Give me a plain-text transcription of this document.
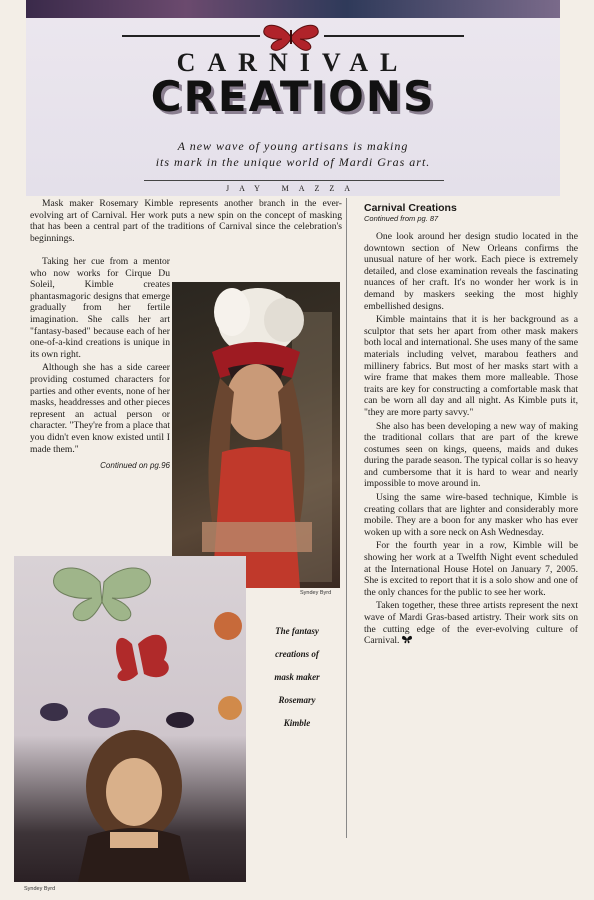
CARNIVAL
CREATIONS
A new wave of young artisans is making
its mark in the unique world of Mardi Gras art.
JAY MAZZA

Mask maker Rosemary Kimble represents another branch in the ever-evolving art of Carnival. Her work puts a new spin on the concept of masking that has been a central part of the traditions of Carnival since the celebration's beginnings.

Taking her cue from a mentor who now works for Cirque Du Soleil, Kimble creates phantasmagoric designs that emerge gradually from her fertile imagination. She calls her art "fantasy-based" because each of her one-of-a-kind creations is unique in its own right.

Although she has a side career providing costumed characters for parties and other events, none of her masks, headdresses and other pieces represent an actual person or character. "They're from a place that you didn't even know existed until I made them."

Continued on pg.96
Syndey Byrd
Syndey Byrd
The fantasy
creations of
mask maker
Rosemary
Kimble
Carnival Creations
Continued from pg. 87

One look around her design studio located in the downtown section of New Orleans confirms the unusual nature of her work. Each piece is extremely detailed, and close examination reveals the fascinating nuances of her craft. It's no wonder her work is in demand by maskers seeking the most highly embellished designs.

Kimble maintains that it is her background as a sculptor that sets her apart from other mask makers both local and international. She uses many of the same materials including velvet, marabou feathers and millinery fabrics. But most of her masks start with a wire frame that makes them more malleable. Those traits are key for constructing a comfortable mask that can be worn all day and all night. As Kimble puts it, "they are more party savvy."

She also has been developing a new way of making the traditional collars that are part of the krewe costumes seen on kings, queens, maids and dukes during the parade season. The typical collar is so heavy and cumbersome that it is hard to wear and nearly impossible to move around in.

Using the same wire-based technique, Kimble is creating collars that are lighter and considerably more mobile. They are a boon for any masker who has ever woken up with a sore neck on Ash Wednesday.

For the fourth year in a row, Kimble will be showing her work at a Twelfth Night event scheduled at the International House Hotel on January 7, 2005. She is excited to report that it is a solo show and one of the only chances for the public to see her work.

Taken together, these three artists represent the next wave of Mardi Gras-based artistry. Their work sits on the cutting edge of the ever-evolving culture of Carnival.
